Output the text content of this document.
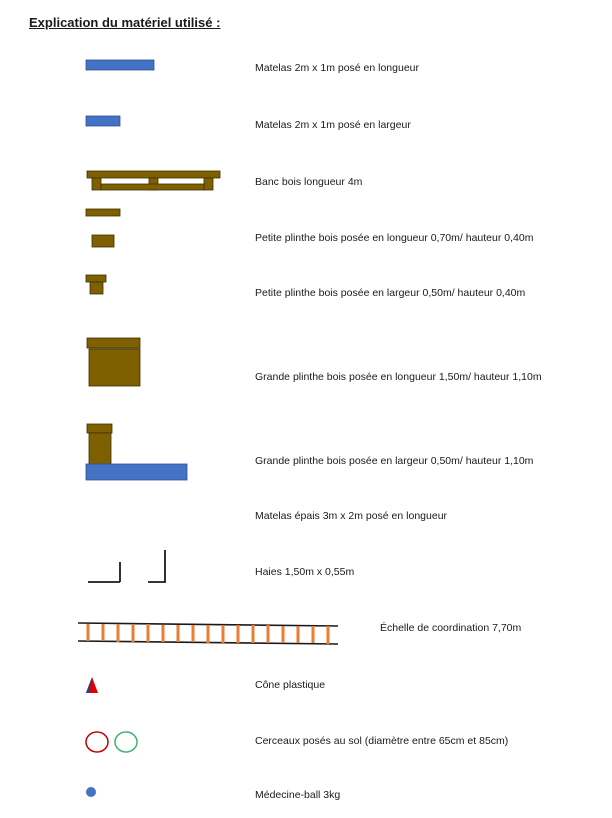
Explication du matériel utilisé :
Matelas 2m x 1m posé en longueur
Matelas 2m x 1m posé en largeur
Banc bois longueur 4m
Petite plinthe bois posée en longueur 0,70m/ hauteur 0,40m
Petite plinthe bois posée en largeur 0,50m/ hauteur 0,40m
Grande plinthe bois posée en longueur 1,50m/ hauteur 1,10m
Grande plinthe bois posée en largeur 0,50m/ hauteur 1,10m
Matelas épais 3m x 2m posé en longueur
Haies 1,50m x 0,55m
Échelle de coordination 7,70m
Cône plastique
Cerceaux posés au sol (diamètre entre 65cm et 85cm)
Médecine-ball 3kg
